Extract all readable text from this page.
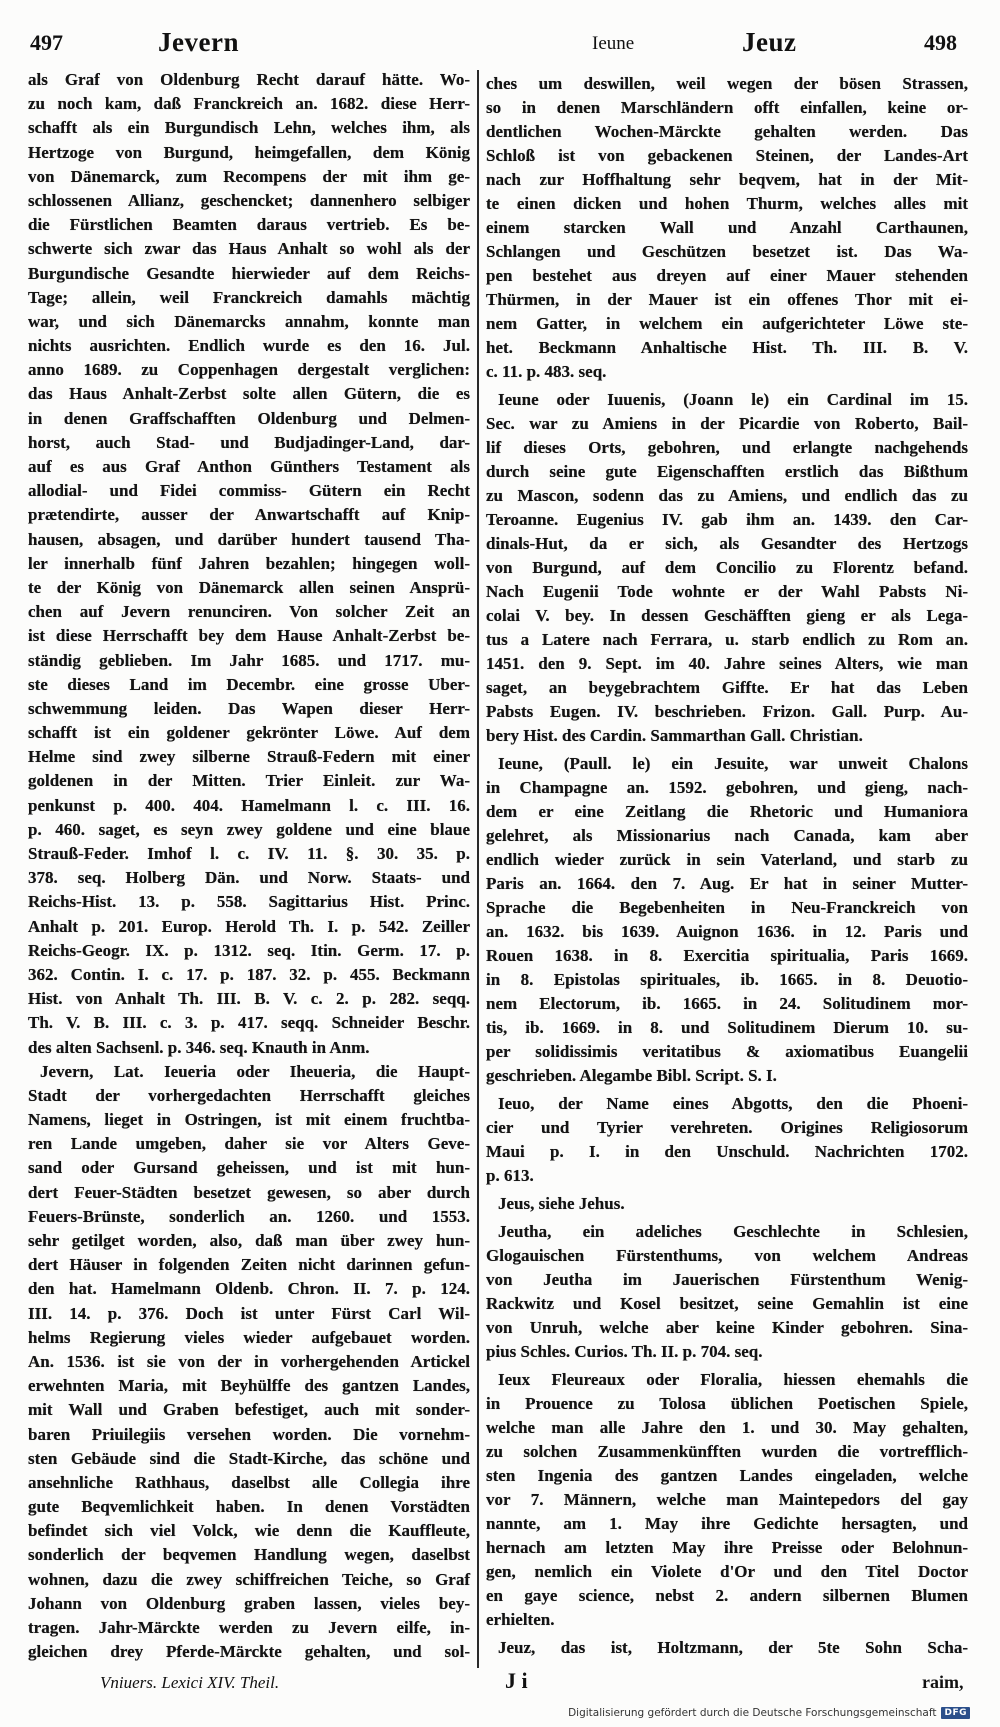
497	Jevern	Ieune	Jeuz	498
als Graf von Oldenburg Recht darauf hätte. Wo-
zu noch kam, daß Franckreich an. 1682. diese Herr-
schafft als ein Burgundisch Lehn, welches ihm, als
Hertzoge von Burgund, heimgefallen, dem König
von Dänemarck, zum Recompens der mit ihm ge-
schlossenen Allianz, geschencket; dannenhero selbiger
die Fürstlichen Beamten daraus vertrieb. Es be-
schwerte sich zwar das Haus Anhalt so wohl als der
Burgundische Gesandte hierwieder auf dem Reichs-
Tage; allein, weil Franckreich damahls mächtig
war, und sich Dänemarcks annahm, konnte man
nichts ausrichten. Endlich wurde es den 16. Jul.
anno 1689. zu Coppenhagen dergestalt verglichen:
das Haus Anhalt-Zerbst solte allen Gütern, die es
in denen Graffschafften Oldenburg und Delmen-
horst, auch Stad- und Budjadinger-Land, dar-
auf es aus Graf Anthon Günthers Testament als
allodial- und Fidei commiss- Gütern ein Recht
prætendirte, ausser der Anwartschafft auf Knip-
hausen, absagen, und darüber hundert tausend Tha-
ler innerhalb fünf Jahren bezahlen; hingegen woll-
te der König von Dänemarck allen seinen Ansprü-
chen auf Jevern renunciren. Von solcher Zeit an
ist diese Herrschafft bey dem Hause Anhalt-Zerbst be-
ständig geblieben. Im Jahr 1685. und 1717. mu-
ste dieses Land im Decembr. eine grosse Uber-
schwemmung leiden. Das Wapen dieser Herr-
schafft ist ein goldener gekrönter Löwe. Auf dem
Helme sind zwey silberne Strauß-Federn mit einer
goldenen in der Mitten. Trier Einleit. zur Wa-
penkunst p. 400. 404. Hamelmann l. c. III. 16.
p. 460. saget, es seyn zwey goldene und eine blaue
Strauß-Feder. Imhof l. c. IV. 11. §. 30. 35. p.
378. seq. Holberg Dän. und Norw. Staats- und
Reichs-Hist. 13. p. 558. Sagittarius Hist. Princ.
Anhalt p. 201. Europ. Herold Th. I. p. 542. Zeiller
Reichs-Geogr. IX. p. 1312. seq. Itin. Germ. 17. p.
362. Contin. I. c. 17. p. 187. 32. p. 455. Beckmann
Hist. von Anhalt Th. III. B. V. c. 2. p. 282. seqq.
Th. V. B. III. c. 3. p. 417. seqq. Schneider Beschr.
des alten Sachsenl. p. 346. seq. Knauth in Anm.
Jevern, Lat. Ieueria oder Iheueria, die Haupt-
Stadt der vorhergedachten Herrschafft gleiches
Namens, lieget in Ostringen, ist mit einem fruchtba-
ren Lande umgeben, daher sie vor Alters Geve-
sand oder Gursand geheissen, und ist mit hun-
dert Feuer-Städten besetzet gewesen, so aber durch
Feuers-Brünste, sonderlich an. 1260. und 1553.
sehr getilget worden, also, daß man über zwey hun-
dert Häuser in folgenden Zeiten nicht darinnen gefun-
den hat. Hamelmann Oldenb. Chron. II. 7. p. 124.
III. 14. p. 376. Doch ist unter Fürst Carl Wil-
helms Regierung vieles wieder aufgebauet worden.
An. 1536. ist sie von der in vorhergehenden Artickel
erwehnten Maria, mit Beyhülffe des gantzen Landes,
mit Wall und Graben befestiget, auch mit sonder-
baren Priuilegiis versehen worden. Die vornehm-
sten Gebäude sind die Stadt-Kirche, das schöne und
ansehnliche Rathhaus, daselbst alle Collegia ihre
gute Beqvemlichkeit haben. In denen Vorstädten
befindet sich viel Volck, wie denn die Kauffleute,
sonderlich der beqvemen Handlung wegen, daselbst
wohnen, dazu die zwey schiffreichen Teiche, so Graf
Johann von Oldenburg graben lassen, vieles bey-
tragen. Jahr-Märckte werden zu Jevern eilfe, in-
gleichen drey Pferde-Märckte gehalten, und sol-
ches um deswillen, weil wegen der bösen Strassen,
so in denen Marschländern offt einfallen, keine or-
dentlichen Wochen-Märckte gehalten werden. Das
Schloß ist von gebackenen Steinen, der Landes-Art
nach zur Hoffhaltung sehr beqvem, hat in der Mit-
te einen dicken und hohen Thurm, welches alles mit
einem starcken Wall und Anzahl Carthaunen,
Schlangen und Geschützen besetzet ist. Das Wa-
pen bestehet aus dreyen auf einer Mauer stehenden
Thürmen, in der Mauer ist ein offenes Thor mit ei-
nem Gatter, in welchem ein aufgerichteter Löwe ste-
het. Beckmann Anhaltische Hist. Th. III. B. V.
c. 11. p. 483. seq.
Ieune oder Iuuenis, (Joann le) ein Cardinal im 15.
Sec. war zu Amiens in der Picardie von Roberto, Bail-
lif dieses Orts, gebohren, und erlangte nachgehends
durch seine gute Eigenschafften erstlich das Bißthum
zu Mascon, sodenn das zu Amiens, und endlich das zu
Teroanne. Eugenius IV. gab ihm an. 1439. den Car-
dinals-Hut, da er sich, als Gesandter des Hertzogs
von Burgund, auf dem Concilio zu Florentz befand.
Nach Eugenii Tode wohnte er der Wahl Pabsts Ni-
colai V. bey. In dessen Geschäfften gieng er als Lega-
tus a Latere nach Ferrara, u. starb endlich zu Rom an.
1451. den 9. Sept. im 40. Jahre seines Alters, wie man
saget, an beygebrachtem Giffte. Er hat das Leben
Pabsts Eugen. IV. beschrieben. Frizon. Gall. Purp. Au-
bery Hist. des Cardin. Sammarthan Gall. Christian.
Ieune, (Paull. le) ein Jesuite, war unweit Chalons
in Champagne an. 1592. gebohren, und gieng, nach-
dem er eine Zeitlang die Rhetoric und Humaniora
gelehret, als Missionarius nach Canada, kam aber
endlich wieder zurück in sein Vaterland, und starb zu
Paris an. 1664. den 7. Aug. Er hat in seiner Mutter-
Sprache die Begebenheiten in Neu-Franckreich von
an. 1632. bis 1639. Auignon 1636. in 12. Paris und
Rouen 1638. in 8. Exercitia spiritualia, Paris 1669.
in 8. Epistolas spirituales, ib. 1665. in 8. Deuotio-
nem Electorum, ib. 1665. in 24. Solitudinem mor-
tis, ib. 1669. in 8. und Solitudinem Dierum 10. su-
per solidissimis veritatibus & axiomatibus Euangelii
geschrieben. Alegambe Bibl. Script. S. I.
Ieuo, der Name eines Abgotts, den die Phoeni-
cier und Tyrier verehreten. Origines Religiosorum
Maui p. I. in den Unschuld. Nachrichten 1702.
p. 613.
Jeus, siehe Jehus.
Jeutha, ein adeliches Geschlechte in Schlesien,
Glogauischen Fürstenthums, von welchem Andreas
von Jeutha im Jauerischen Fürstenthum Wenig-
Rackwitz und Kosel besitzet, seine Gemahlin ist eine
von Unruh, welche aber keine Kinder gebohren. Sina-
pius Schles. Curios. Th. II. p. 704. seq.
Ieux Fleureaux oder Floralia, hiessen ehemahls die
in Prouence zu Tolosa üblichen Poetischen Spiele,
welche man alle Jahre den 1. und 30. May gehalten,
zu solchen Zusammenkünfften wurden die vortrefflich-
sten Ingenia des gantzen Landes eingeladen, welche
vor 7. Männern, welche man Maintepedors del gay
nannte, am 1. May ihre Gedichte hersagten, und
hernach am letzten May ihre Preisse oder Belohnun-
gen, nemlich ein Violete d'Or und den Titel Doctor
en gaye science, nebst 2. andern silbernen Blumen
erhielten.
Jeuz, das ist, Holtzmann, der 5te Sohn Scha-
Vniuers. Lexici XIV. Theil.	J i	raim,
Digitalisierung gefördert durch die Deutsche Forschungsgemeinschaft DFG
